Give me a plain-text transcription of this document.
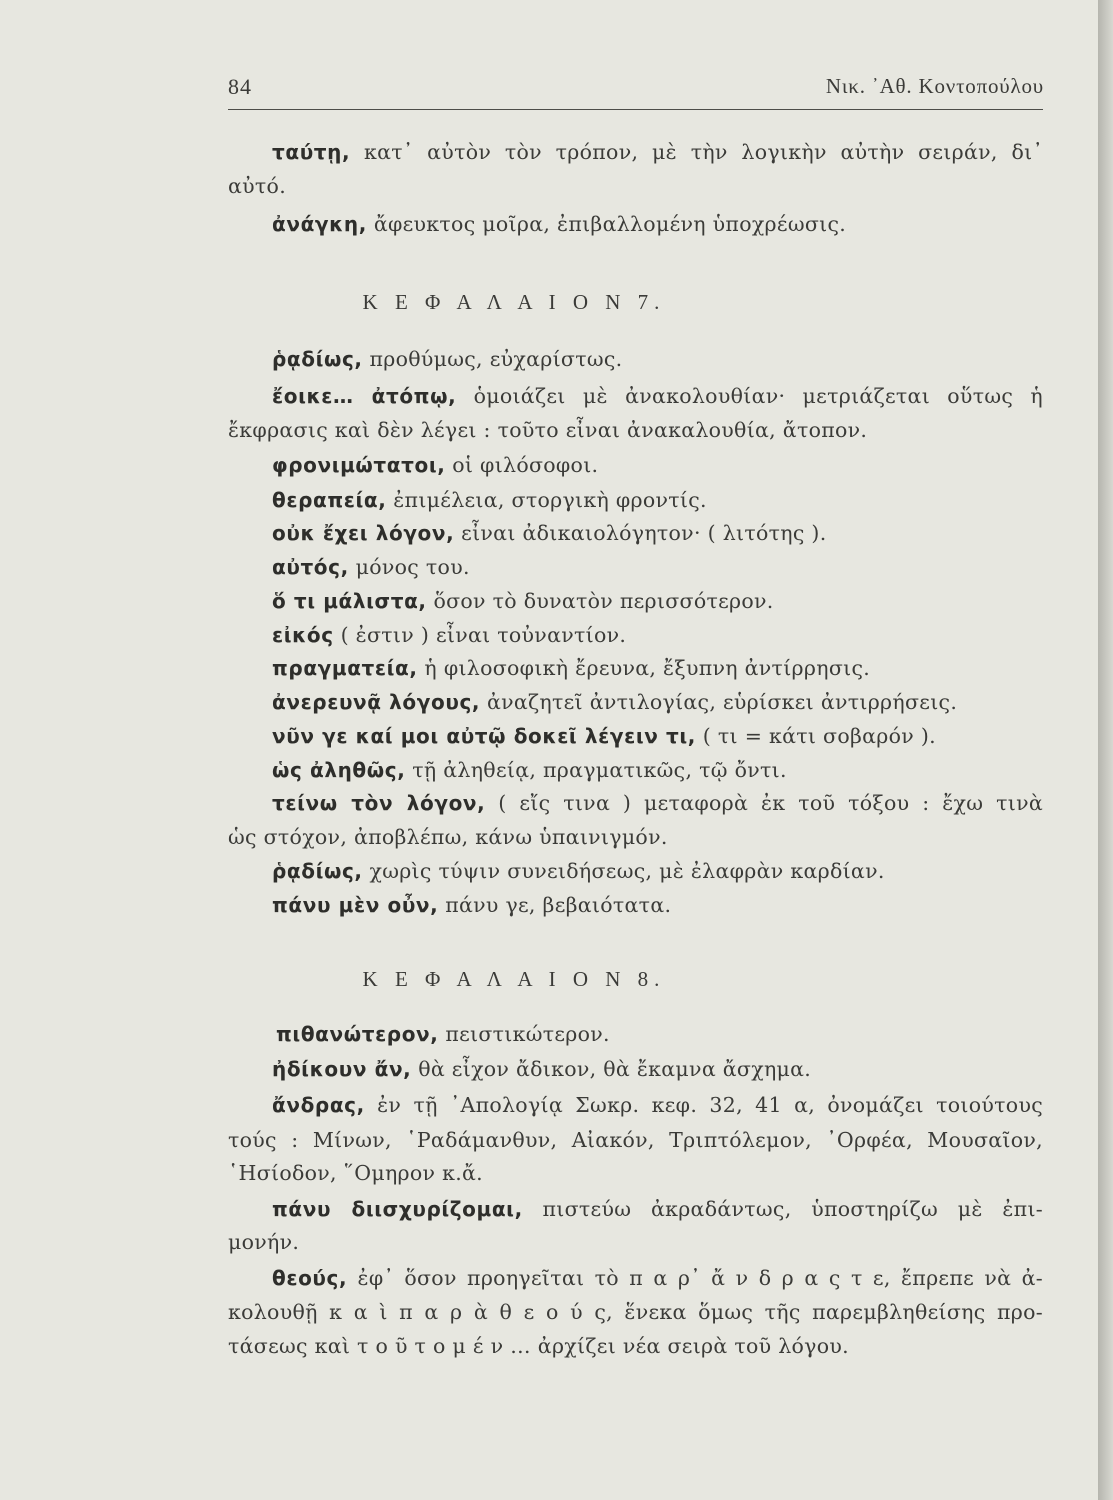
84	Νικ. ᾿Αθ. Κοντοπούλου
ταύτῃ, κατ᾿ αὐτὸν τὸν τρόπον, μὲ τὴν λογικὴν αὐτὴν σειράν, δι᾿
αὐτό.
ἀνάγκη, ἄφευκτος μοῖρα, ἐπιβαλλομένη ὑποχρέωσις.
Κ Ε Φ Α Λ Α Ι Ο Ν 7.
ῥᾳδίως, προθύμως, εὐχαρίστως.
ἔοικε… ἀτόπῳ, ὁμοιάζει μὲ ἀνακολουθίαν· μετριάζεται οὕτως ἡ
ἔκφρασις καὶ δὲν λέγει : τοῦτο εἶναι ἀνακαλουθία, ἄτοπον.
φρονιμώτατοι, οἱ φιλόσοφοι.
θεραπεία, ἐπιμέλεια, στοργικὴ φροντίς.
οὐκ ἔχει λόγον, εἶναι ἀδικαιολόγητον· ( λιτότης ).
αὐτός, μόνος του.
ὅ τι μάλιστα, ὅσον τὸ δυνατὸν περισσότερον.
εἰκός ( ἐστιν ) εἶναι τοὐναντίον.
πραγματεία, ἡ φιλοσοφικὴ ἔρευνα, ἔξυπνη ἀντίρρησις.
ἀνερευνᾷ λόγους, ἀναζητεῖ ἀντιλογίας, εὑρίσκει ἀντιρρήσεις.
νῦν γε καί μοι αὐτῷ δοκεῖ λέγειν τι, ( τι = κάτι σοβαρόν ).
ὡς ἀληθῶς, τῇ ἀληθείᾳ, πραγματικῶς, τῷ ὄντι.
τείνω τὸν λόγον, ( εἴς τινα ) μεταφορὰ ἐκ τοῦ τόξου : ἔχω τινὰ
ὡς στόχον, ἀποβλέπω, κάνω ὑπαινιγμόν.
ῥᾳδίως, χωρὶς τύψιν συνειδήσεως, μὲ ἐλαφρὰν καρδίαν.
πάνυ μὲν οὖν, πάνυ γε, βεβαιότατα.
Κ Ε Φ Α Λ Α Ι Ο Ν 8.
πιθανώτερον, πειστικώτερον.
ἠδίκουν ἄν, θὰ εἶχον ἄδικον, θὰ ἔκαμνα ἄσχημα.
ἄνδρας, ἐν τῇ ᾿Απολογίᾳ Σωκρ. κεφ. 32, 41 α, ὀνομάζει τοιούτους
τούς : Μίνων, ῾Ραδάμανθυν, Αἰακόν, Τριπτόλεμον, ᾿Ορφέα, Μουσαῖον,
῾Ησίοδον, ῞Ομηρον κ.ἄ.
πάνυ διισχυρίζομαι, πιστεύω ἀκραδάντως, ὑποστηρίζω μὲ ἐπι-
μονήν.
θεούς, ἐφ᾿ ὅσον προηγεῖται τὸ π α ρ᾿ ἄ ν δ ρ α ς τ ε, ἔπρεπε νὰ ἀ-
κολουθῇ κ α ὶ π α ρ ὰ θ ε ο ύ ς, ἕνεκα ὅμως τῆς παρεμβληθείσης προ-
τάσεως καὶ τ ο ῦ τ ο μ έ ν … ἀρχίζει νέα σειρὰ τοῦ λόγου.
